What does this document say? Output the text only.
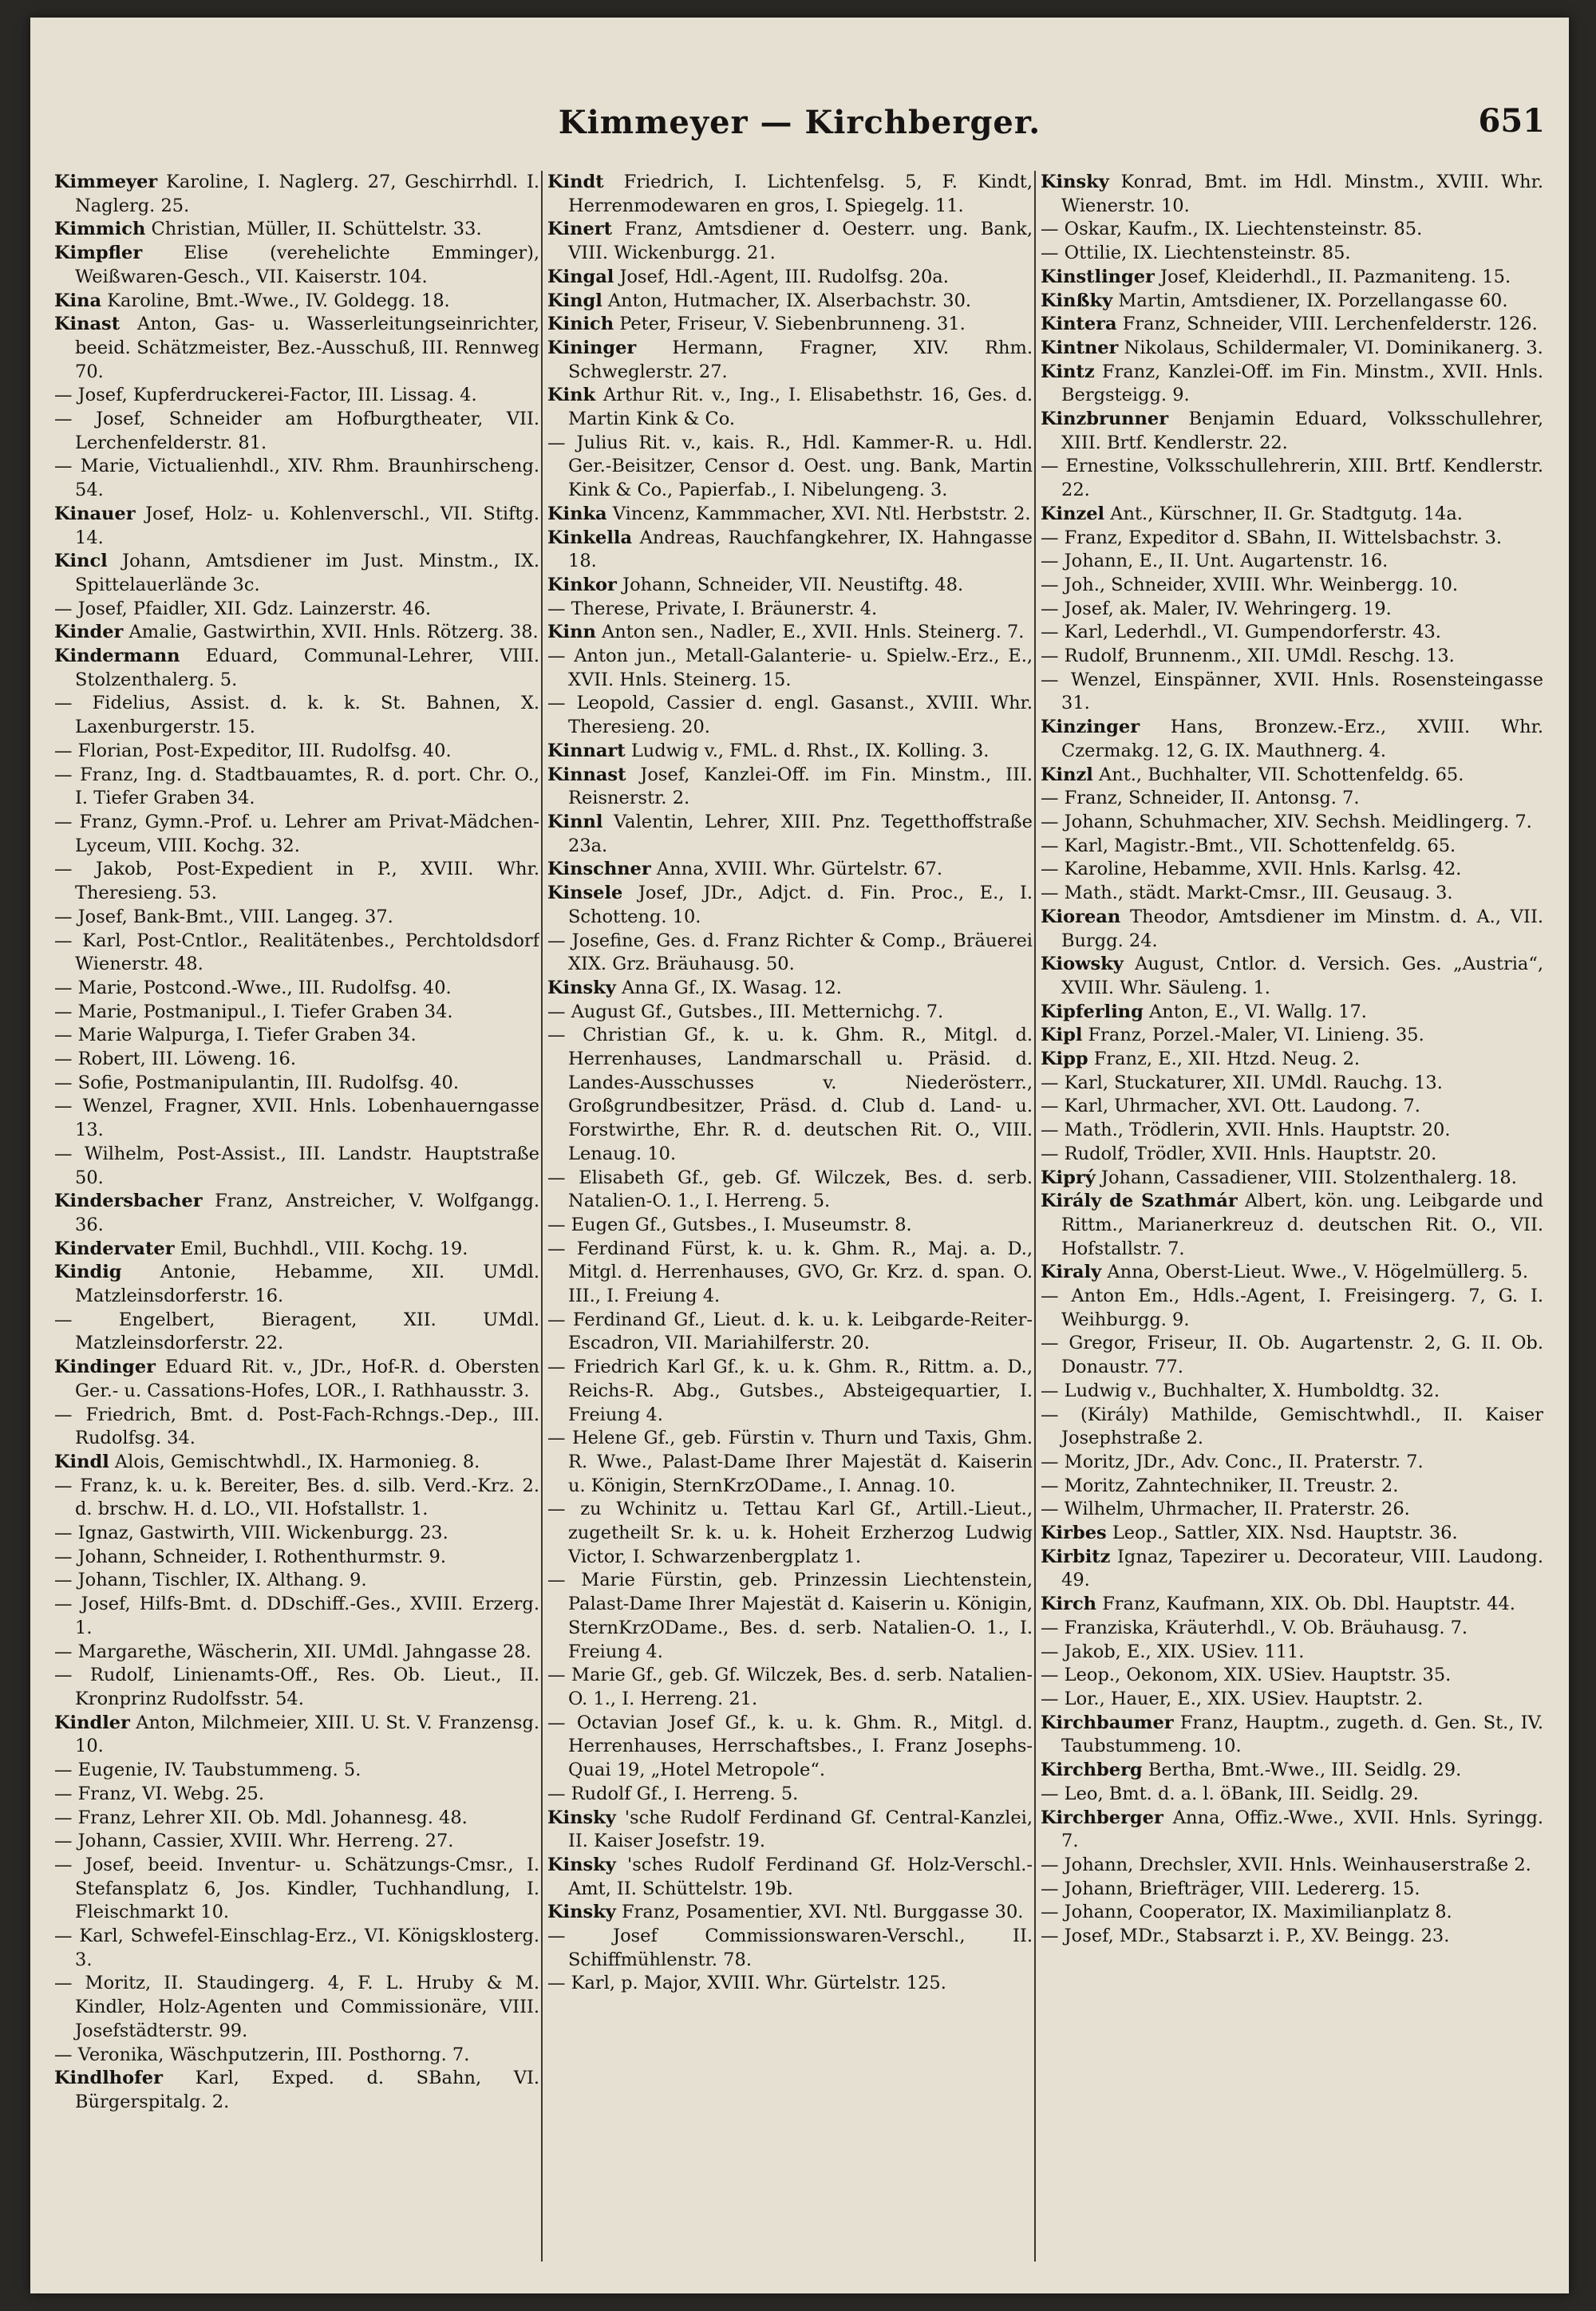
Kimmeyer — Kirchberger.	651
Kimmeyer Karoline, I. Naglerg. 27, Geschirrhdl. I. Naglerg. 25.
Kimmich Christian, Müller, II. Schüttelstr. 33.
Kimpfler Elise (verehelichte Emminger), Weißwaren-Gesch., VII. Kaiserstr. 104.
Kina Karoline, Bmt.-Wwe., IV. Goldegg. 18.
Kinast Anton, Gas- u. Wasserleitungseinrichter, beeid. Schätzmeister, Bez.-Ausschuß, III. Rennweg 70.
— Josef, Kupferdruckerei-Factor, III. Lissag. 4.
— Josef, Schneider am Hofburgtheater, VII. Lerchenfelderstr. 81.
— Marie, Victualienhdl., XIV. Rhm. Braunhirscheng. 54.
Kinauer Josef, Holz- u. Kohlenverschl., VII. Stiftg. 14.
Kincl Johann, Amtsdiener im Just. Minstm., IX. Spittelauerlände 3c.
— Josef, Pfaidler, XII. Gdz. Lainzerstr. 46.
Kinder Amalie, Gastwirthin, XVII. Hnls. Rötzerg. 38.
Kindermann Eduard, Communal-Lehrer, VIII. Stolzenthalerg. 5.
— Fidelius, Assist. d. k. k. St. Bahnen, X. Laxenburgerstr. 15.
— Florian, Post-Expeditor, III. Rudolfsg. 40.
— Franz, Ing. d. Stadtbauamtes, R. d. port. Chr. O., I. Tiefer Graben 34.
— Franz, Gymn.-Prof. u. Lehrer am Privat-Mädchen-Lyceum, VIII. Kochg. 32.
— Jakob, Post-Expedient in P., XVIII. Whr. Theresieng. 53.
— Josef, Bank-Bmt., VIII. Langeg. 37.
— Karl, Post-Cntlor., Realitätenbes., Perchtoldsdorf Wienerstr. 48.
— Marie, Postcond.-Wwe., III. Rudolfsg. 40.
— Marie, Postmanipul., I. Tiefer Graben 34.
— Marie Walpurga, I. Tiefer Graben 34.
— Robert, III. Löweng. 16.
— Sofie, Postmanipulantin, III. Rudolfsg. 40.
— Wenzel, Fragner, XVII. Hnls. Lobenhauerngasse 13.
— Wilhelm, Post-Assist., III. Landstr. Hauptstraße 50.
Kindersbacher Franz, Anstreicher, V. Wolfgangg. 36.
Kindervater Emil, Buchhdl., VIII. Kochg. 19.
Kindig Antonie, Hebamme, XII. UMdl. Matzleinsdorferstr. 16.
— Engelbert, Bieragent, XII. UMdl. Matzleinsdorferstr. 22.
Kindinger Eduard Rit. v., JDr., Hof-R. d. Obersten Ger.- u. Cassations-Hofes, LOR., I. Rathhausstr. 3.
— Friedrich, Bmt. d. Post-Fach-Rchngs.-Dep., III. Rudolfsg. 34.
Kindl Alois, Gemischtwhdl., IX. Harmonieg. 8.
— Franz, k. u. k. Bereiter, Bes. d. silb. Verd.-Krz. 2. d. brschw. H. d. LO., VII. Hofstallstr. 1.
— Ignaz, Gastwirth, VIII. Wickenburgg. 23.
— Johann, Schneider, I. Rothenthurmstr. 9.
— Johann, Tischler, IX. Althang. 9.
— Josef, Hilfs-Bmt. d. DDschiff.-Ges., XVIII. Erzerg. 1.
— Margarethe, Wäscherin, XII. UMdl. Jahngasse 28.
— Rudolf, Linienamts-Off., Res. Ob. Lieut., II. Kronprinz Rudolfsstr. 54.
Kindler Anton, Milchmeier, XIII. U. St. V. Franzensg. 10.
— Eugenie, IV. Taubstummeng. 5.
— Franz, VI. Webg. 25.
— Franz, Lehrer XII. Ob. Mdl. Johannesg. 48.
— Johann, Cassier, XVIII. Whr. Herreng. 27.
— Josef, beeid. Inventur- u. Schätzungs-Cmsr., I. Stefansplatz 6, Jos. Kindler, Tuchhandlung, I. Fleischmarkt 10.
— Karl, Schwefel-Einschlag-Erz., VI. Königsklosterg. 3.
— Moritz, II. Staudingerg. 4, F. L. Hruby & M. Kindler, Holz-Agenten und Commissionäre, VIII. Josefstädterstr. 99.
— Veronika, Wäschputzerin, III. Posthorng. 7.
Kindlhofer Karl, Exped. d. SBahn, VI. Bürgerspitalg. 2.
Kindt Friedrich, I. Lichtenfelsg. 5, F. Kindt, Herrenmodewaren en gros, I. Spiegelg. 11.
Kinert Franz, Amtsdiener d. Oesterr. ung. Bank, VIII. Wickenburgg. 21.
Kingal Josef, Hdl.-Agent, III. Rudolfsg. 20a.
Kingl Anton, Hutmacher, IX. Alserbachstr. 30.
Kinich Peter, Friseur, V. Siebenbrunneng. 31.
Kininger Hermann, Fragner, XIV. Rhm. Schweglerstr. 27.
Kink Arthur Rit. v., Ing., I. Elisabethstr. 16, Ges. d. Martin Kink & Co.
— Julius Rit. v., kais. R., Hdl. Kammer-R. u. Hdl. Ger.-Beisitzer, Censor d. Oest. ung. Bank, Martin Kink & Co., Papierfab., I. Nibelungeng. 3.
Kinka Vincenz, Kammmacher, XVI. Ntl. Herbststr. 2.
Kinkella Andreas, Rauchfangkehrer, IX. Hahngasse 18.
Kinkor Johann, Schneider, VII. Neustiftg. 48.
— Therese, Private, I. Bräunerstr. 4.
Kinn Anton sen., Nadler, E., XVII. Hnls. Steinerg. 7.
— Anton jun., Metall-Galanterie- u. Spielw.-Erz., E., XVII. Hnls. Steinerg. 15.
— Leopold, Cassier d. engl. Gasanst., XVIII. Whr. Theresieng. 20.
Kinnart Ludwig v., FML. d. Rhst., IX. Kolling. 3.
Kinnast Josef, Kanzlei-Off. im Fin. Minstm., III. Reisnerstr. 2.
Kinnl Valentin, Lehrer, XIII. Pnz. Tegetthoffstraße 23a.
Kinschner Anna, XVIII. Whr. Gürtelstr. 67.
Kinsele Josef, JDr., Adjct. d. Fin. Proc., E., I. Schotteng. 10.
— Josefine, Ges. d. Franz Richter & Comp., Bräuerei XIX. Grz. Bräuhausg. 50.
Kinsky Anna Gf., IX. Wasag. 12.
— August Gf., Gutsbes., III. Metternichg. 7.
— Christian Gf., k. u. k. Ghm. R., Mitgl. d. Herrenhauses, Landmarschall u. Präsid. d. Landes-Ausschusses v. Niederösterr., Großgrundbesitzer, Präsd. d. Club d. Land- u. Forstwirthe, Ehr. R. d. deutschen Rit. O., VIII. Lenaug. 10.
— Elisabeth Gf., geb. Gf. Wilczek, Bes. d. serb. Natalien-O. 1., I. Herreng. 5.
— Eugen Gf., Gutsbes., I. Museumstr. 8.
— Ferdinand Fürst, k. u. k. Ghm. R., Maj. a. D., Mitgl. d. Herrenhauses, GVO, Gr. Krz. d. span. O. III., I. Freiung 4.
— Ferdinand Gf., Lieut. d. k. u. k. Leibgarde-Reiter-Escadron, VII. Mariahilferstr. 20.
— Friedrich Karl Gf., k. u. k. Ghm. R., Rittm. a. D., Reichs-R. Abg., Gutsbes., Absteigequartier, I. Freiung 4.
— Helene Gf., geb. Fürstin v. Thurn und Taxis, Ghm. R. Wwe., Palast-Dame Ihrer Majestät d. Kaiserin u. Königin, SternKrzODame., I. Annag. 10.
— zu Wchinitz u. Tettau Karl Gf., Artill.-Lieut., zugetheilt Sr. k. u. k. Hoheit Erzherzog Ludwig Victor, I. Schwarzenbergplatz 1.
— Marie Fürstin, geb. Prinzessin Liechtenstein, Palast-Dame Ihrer Majestät d. Kaiserin u. Königin, SternKrzODame., Bes. d. serb. Natalien-O. 1., I. Freiung 4.
— Marie Gf., geb. Gf. Wilczek, Bes. d. serb. Natalien-O. 1., I. Herreng. 21.
— Octavian Josef Gf., k. u. k. Ghm. R., Mitgl. d. Herrenhauses, Herrschaftsbes., I. Franz Josephs-Quai 19, „Hotel Metropole“.
— Rudolf Gf., I. Herreng. 5.
Kinsky 'sche Rudolf Ferdinand Gf. Central-Kanzlei, II. Kaiser Josefstr. 19.
Kinsky 'sches Rudolf Ferdinand Gf. Holz-Verschl.-Amt, II. Schüttelstr. 19b.
Kinsky Franz, Posamentier, XVI. Ntl. Burggasse 30.
— Josef Commissionswaren-Verschl., II. Schiffmühlenstr. 78.
— Karl, p. Major, XVIII. Whr. Gürtelstr. 125.
Kinsky Konrad, Bmt. im Hdl. Minstm., XVIII. Whr. Wienerstr. 10.
— Oskar, Kaufm., IX. Liechtensteinstr. 85.
— Ottilie, IX. Liechtensteinstr. 85.
Kinstlinger Josef, Kleiderhdl., II. Pazmaniteng. 15.
Kinßky Martin, Amtsdiener, IX. Porzellangasse 60.
Kintera Franz, Schneider, VIII. Lerchenfelderstr. 126.
Kintner Nikolaus, Schildermaler, VI. Dominikanerg. 3.
Kintz Franz, Kanzlei-Off. im Fin. Minstm., XVII. Hnls. Bergsteigg. 9.
Kinzbrunner Benjamin Eduard, Volksschullehrer, XIII. Brtf. Kendlerstr. 22.
— Ernestine, Volksschullehrerin, XIII. Brtf. Kendlerstr. 22.
Kinzel Ant., Kürschner, II. Gr. Stadtgutg. 14a.
— Franz, Expeditor d. SBahn, II. Wittelsbachstr. 3.
— Johann, E., II. Unt. Augartenstr. 16.
— Joh., Schneider, XVIII. Whr. Weinbergg. 10.
— Josef, ak. Maler, IV. Wehringerg. 19.
— Karl, Lederhdl., VI. Gumpendorferstr. 43.
— Rudolf, Brunnenm., XII. UMdl. Reschg. 13.
— Wenzel, Einspänner, XVII. Hnls. Rosensteingasse 31.
Kinzinger Hans, Bronzew.-Erz., XVIII. Whr. Czermakg. 12, G. IX. Mauthnerg. 4.
Kinzl Ant., Buchhalter, VII. Schottenfeldg. 65.
— Franz, Schneider, II. Antonsg. 7.
— Johann, Schuhmacher, XIV. Sechsh. Meidlingerg. 7.
— Karl, Magistr.-Bmt., VII. Schottenfeldg. 65.
— Karoline, Hebamme, XVII. Hnls. Karlsg. 42.
— Math., städt. Markt-Cmsr., III. Geusaug. 3.
Kiorean Theodor, Amtsdiener im Minstm. d. A., VII. Burgg. 24.
Kiowsky August, Cntlor. d. Versich. Ges. „Austria“, XVIII. Whr. Säuleng. 1.
Kipferling Anton, E., VI. Wallg. 17.
Kipl Franz, Porzel.-Maler, VI. Linieng. 35.
Kipp Franz, E., XII. Htzd. Neug. 2.
— Karl, Stuckaturer, XII. UMdl. Rauchg. 13.
— Karl, Uhrmacher, XVI. Ott. Laudong. 7.
— Math., Trödlerin, XVII. Hnls. Hauptstr. 20.
— Rudolf, Trödler, XVII. Hnls. Hauptstr. 20.
Kiprý Johann, Cassadiener, VIII. Stolzenthalerg. 18.
Király de Szathmár Albert, kön. ung. Leibgarde und Rittm., Marianerkreuz d. deutschen Rit. O., VII. Hofstallstr. 7.
Kiraly Anna, Oberst-Lieut. Wwe., V. Högelmüllerg. 5.
— Anton Em., Hdls.-Agent, I. Freisingerg. 7, G. I. Weihburgg. 9.
— Gregor, Friseur, II. Ob. Augartenstr. 2, G. II. Ob. Donaustr. 77.
— Ludwig v., Buchhalter, X. Humboldtg. 32.
— (Király) Mathilde, Gemischtwhdl., II. Kaiser Josephstraße 2.
— Moritz, JDr., Adv. Conc., II. Praterstr. 7.
— Moritz, Zahntechniker, II. Treustr. 2.
— Wilhelm, Uhrmacher, II. Praterstr. 26.
Kirbes Leop., Sattler, XIX. Nsd. Hauptstr. 36.
Kirbitz Ignaz, Tapezirer u. Decorateur, VIII. Laudong. 49.
Kirch Franz, Kaufmann, XIX. Ob. Dbl. Hauptstr. 44.
— Franziska, Kräuterhdl., V. Ob. Bräuhausg. 7.
— Jakob, E., XIX. USiev. 111.
— Leop., Oekonom, XIX. USiev. Hauptstr. 35.
— Lor., Hauer, E., XIX. USiev. Hauptstr. 2.
Kirchbaumer Franz, Hauptm., zugeth. d. Gen. St., IV. Taubstummeng. 10.
Kirchberg Bertha, Bmt.-Wwe., III. Seidlg. 29.
— Leo, Bmt. d. a. l. öBank, III. Seidlg. 29.
Kirchberger Anna, Offiz.-Wwe., XVII. Hnls. Syringg. 7.
— Johann, Drechsler, XVII. Hnls. Weinhauserstraße 2.
— Johann, Briefträger, VIII. Ledererg. 15.
— Johann, Cooperator, IX. Maximilianplatz 8.
— Josef, MDr., Stabsarzt i. P., XV. Beingg. 23.
